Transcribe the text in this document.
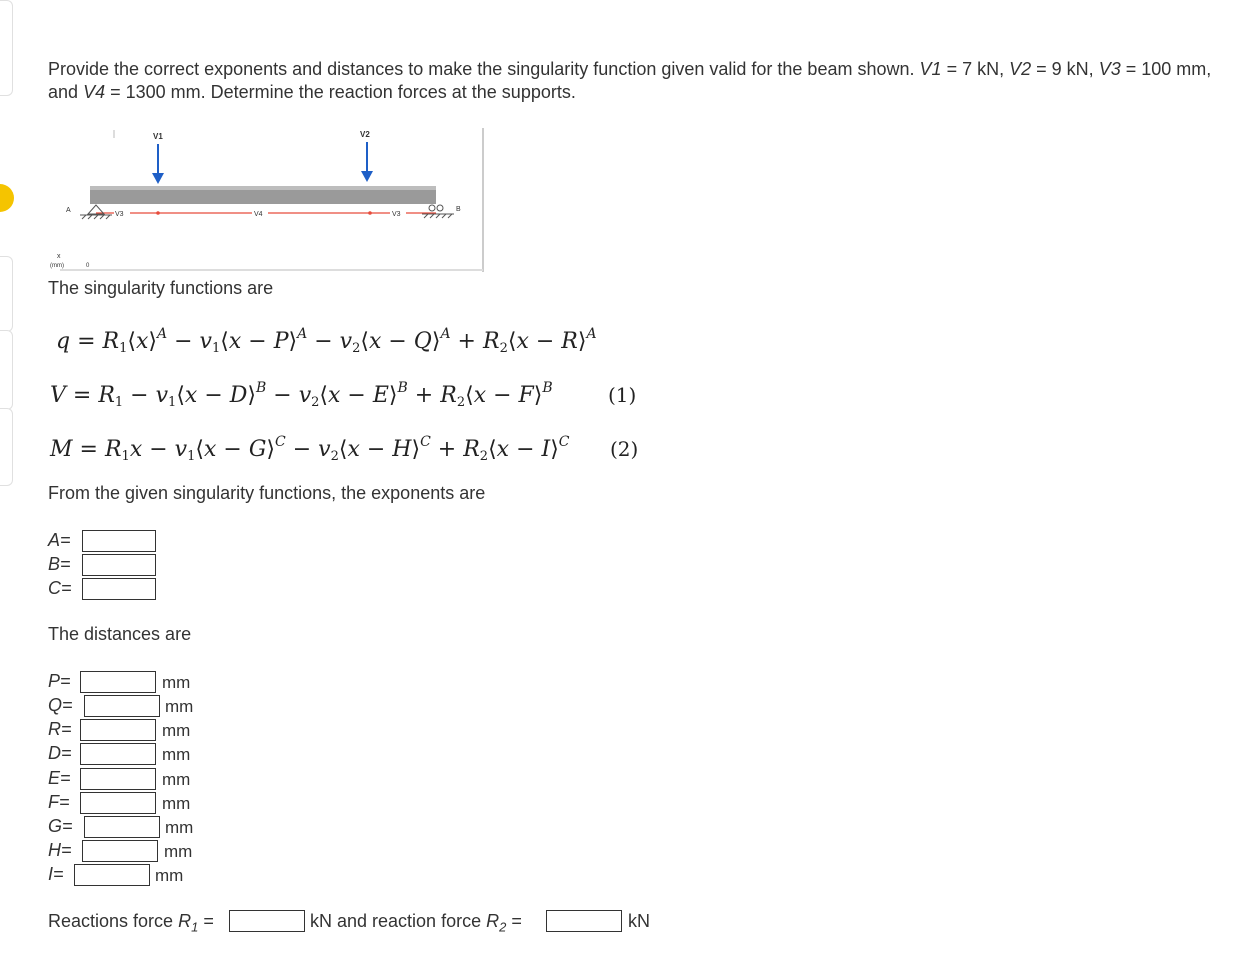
Provide the correct exponents and distances to make the singularity function given valid for the beam shown. V1 = 7 kN, V2 = 9 kN, V3 = 100 mm, and V4 = 1300 mm. Determine the reaction forces at the supports.
V1	V2
A	B
V3	V4	V3
x
(mm)	0
The singularity functions are
$q = R_1⟨x⟩^A$ − $v_1⟨x$ − P⟩$^A$ − $v_2⟨x$ − Q⟩$^A$ + $R_2⟨x$ − R⟩$^A$
$V = R_1$ − $v_1⟨x$ − D⟩$^B$ − $v_2⟨x$ − E⟩$^B$ + $R_2⟨x$ − F⟩$^B$	(1)
$M = R_1x$ − $v_1⟨x$ − G⟩$^C$ − $v_2⟨x$ − H⟩$^C$ + $R_2⟨x$ − I⟩$^C$ (2)
From the given singularity functions, the exponents are
A=
B=
C=
The distances are
P=	mm
Q=	mm
R=	mm
D=	mm
E=	mm
F=	mm
G=	mm
H=	mm
I=	mm
Reactions force $R_1$ =	kN and reaction force $R_2$ =	kN
